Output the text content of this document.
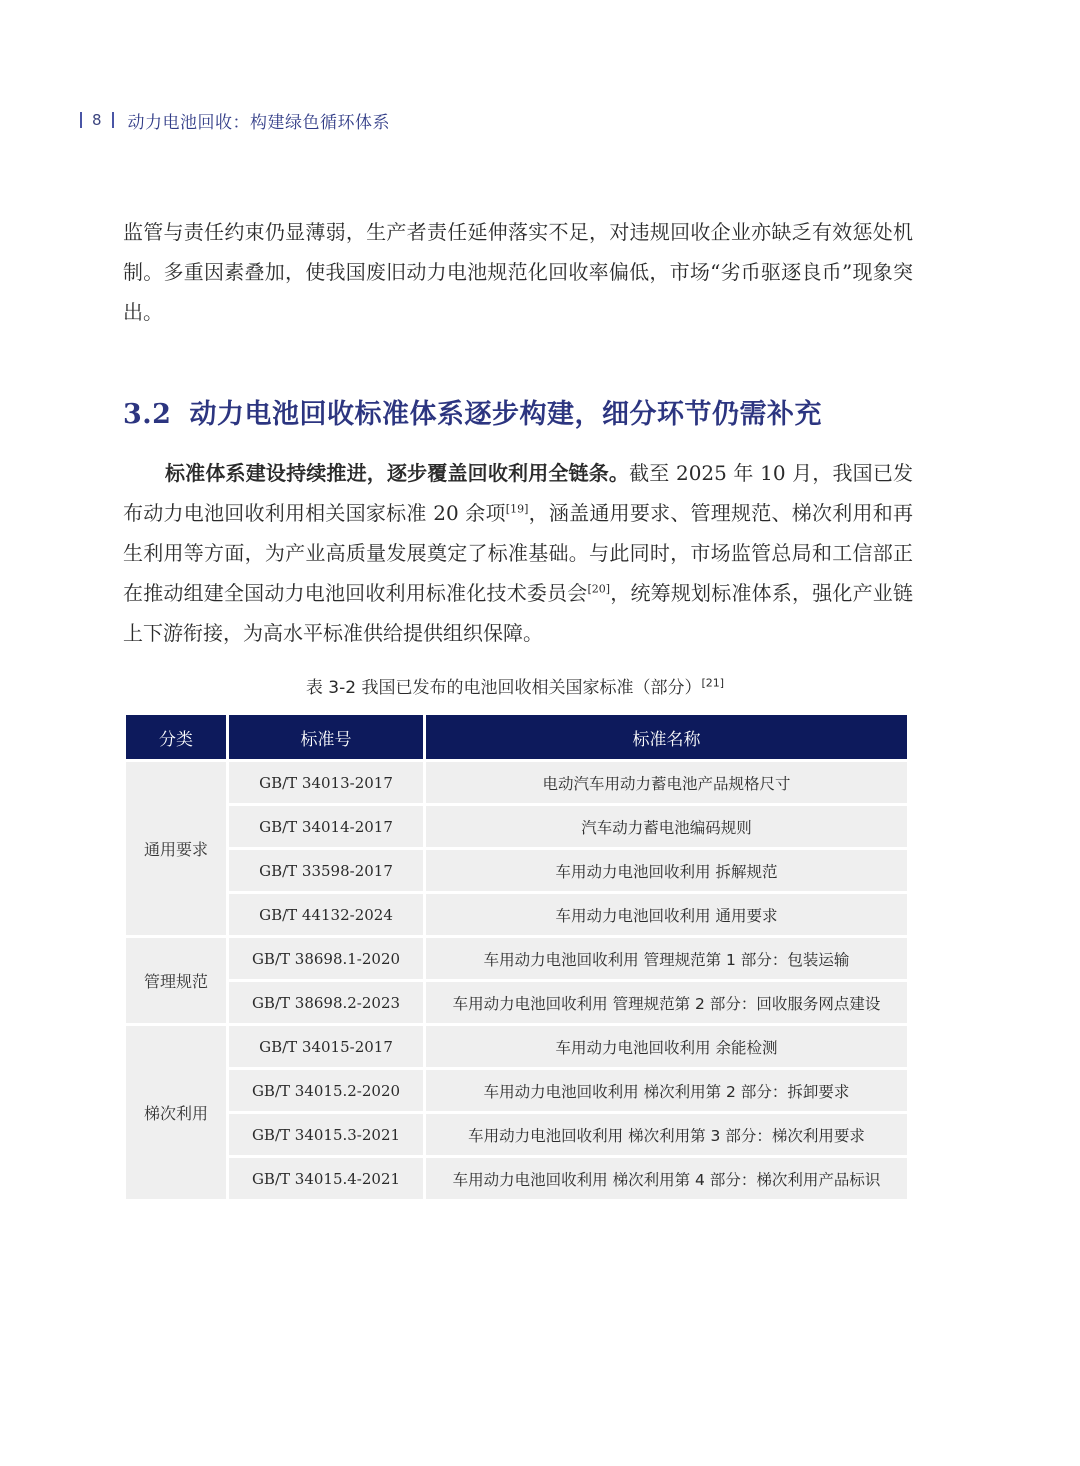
8 动力电池回收：构建绿色循环体系

监管与责任约束仍显薄弱，生产者责任延伸落实不足，对违规回收企业亦缺乏有效惩处机制。多重因素叠加，使我国废旧动力电池规范化回收率偏低，市场“劣币驱逐良币”现象突出。

3.2 动力电池回收标准体系逐步构建，细分环节仍需补充

标准体系建设持续推进，逐步覆盖回收利用全链条。截至 2025 年 10 月，我国已发布动力电池回收利用相关国家标准 20 余项[19]，涵盖通用要求、管理规范、梯次利用和再生利用等方面，为产业高质量发展奠定了标准基础。与此同时，市场监管总局和工信部正在推动组建全国动力电池回收利用标准化技术委员会[20]，统筹规划标准体系，强化产业链上下游衔接，为高水平标准供给提供组织保障。

表 3-2 我国已发布的电池回收相关国家标准（部分）[21]
分类	标准号	标准名称
通用要求
GB/T 34013-2017	电动汽车用动力蓄电池产品规格尺寸
GB/T 34014-2017	汽车动力蓄电池编码规则
GB/T 33598-2017	车用动力电池回收利用 拆解规范
GB/T 44132-2024	车用动力电池回收利用 通用要求
管理规范
GB/T 38698.1-2020	车用动力电池回收利用 管理规范第 1 部分：包装运输
GB/T 38698.2-2023	车用动力电池回收利用 管理规范第 2 部分：回收服务网点建设
梯次利用
GB/T 34015-2017	车用动力电池回收利用 余能检测
GB/T 34015.2-2020	车用动力电池回收利用 梯次利用第 2 部分：拆卸要求
GB/T 34015.3-2021	车用动力电池回收利用 梯次利用第 3 部分：梯次利用要求
GB/T 34015.4-2021	车用动力电池回收利用 梯次利用第 4 部分：梯次利用产品标识
